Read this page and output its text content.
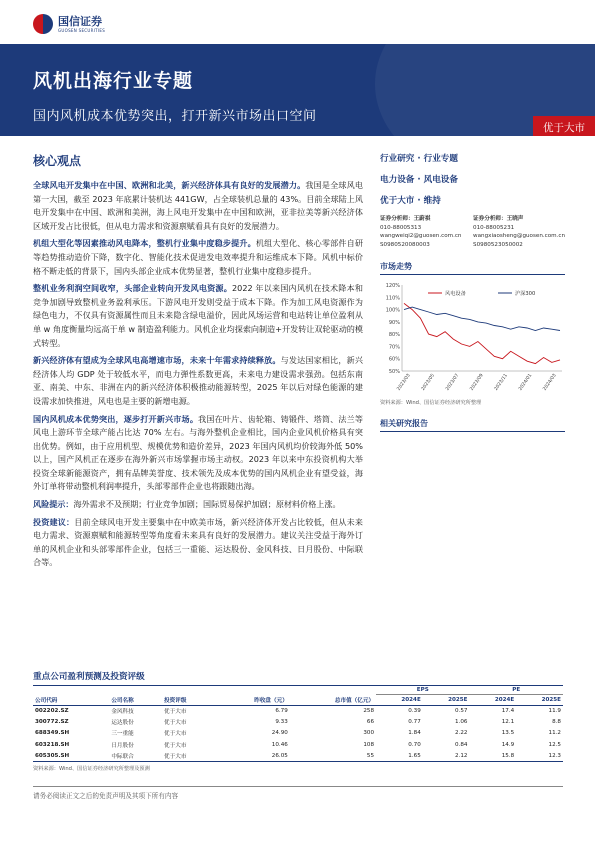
国信证券
GUOSEN SECURITIES
风机出海行业专题
国内风机成本优势突出，打开新兴市场出口空间
优于大市
核心观点
全球风电开发集中在中国、欧洲和北美，新兴经济体具有良好的发展潜力。我国是全球风电第一大国，截至 2023 年底累计装机达 441GW，占全球装机总量的 43%。目前全球陆上风电开发集中在中国、欧洲和美洲，海上风电开发集中在中国和欧洲，亚非拉美等新兴经济体区域开发占比很低，但从电力需求和资源禀赋看具有良好的发展潜力。
机组大型化等因素推动风电降本，整机行业集中度稳步提升。机组大型化、核心零部件自研等趋势推动造价下降，数字化、智能化技术促进发电效率提升和运维成本下降。风机中标价格不断走低的背景下，国内头部企业成本优势显著，整机行业集中度稳步提升。
整机业务利润空间收窄，头部企业转向开发风电资源。2022 年以来国内风机在技术降本和竞争加剧导致整机业务盈利承压。下游风电开发则受益于成本下降。作为加工风电资源作为绿色电力，不仅具有资源属性而且未来隐含绿电溢价，因此风场运营和电站转让单位盈利从单 w 角度衡量均远高于单 w 制造盈利能力。风机企业均探索向制造+开发转让双轮驱动的模式转型。
新兴经济体有望成为全球风电高增速市场，未来十年需求持续释放。与发达国家相比，新兴经济体人均 GDP 处于较低水平，而电力弹性系数更高，未来电力建设需求强劲。包括东南亚、南美、中东、非洲在内的新兴经济体积极推动能源转型，2025 年以后对绿色能源的建设需求加快推进，风电也是主要的新增电源。
国内风机成本优势突出，逐步打开新兴市场。我国在叶片、齿轮箱、铸锻件、塔筒、法兰等风电上游环节全球产能占比达 70% 左右。与海外整机企业相比，国内企业风机价格具有突出优势。例如，由于应用机型、规模优势和造价差异，2023 年国内风机均价较海外低 50%以上，国产风机正在逐步在海外新兴市场掌握市场主动权。2023 年以来中东投资机构大举投资全球新能源资产，拥有品牌美誉度、技术领先及成本优势的国内风机企业有望受益，海外订单将带动整机利润率提升，头部零部件企业也将跟随出海。
风险提示：海外需求不及预期；行业竞争加剧；国际贸易保护加剧；原材料价格上涨。
投资建议：目前全球风电开发主要集中在中欧美市场，新兴经济体开发占比较低，但从未来电力需求、资源禀赋和能源转型等角度看未来具有良好的发展潜力。建议关注受益于海外订单的风机企业和头部零部件企业，包括三一重能、运达股份、金风科技、日月股份、中际联合等。
行业研究 · 行业专题
电力设备 · 风电设备
优于大市 · 维持
证券分析师：王蔚祺
010-88005313
wangweiqi2@guosen.com.cn
S0980520080003
证券分析师：王晓声
010-88005231
wangxiaosheng@guosen.com.cn
S0980523050002
市场走势
120%
110%
100%
90%
80%
70%
60%
50%
2023/03 2023/05 2023/07 2023/09 2023/11 2024/01 2024/03
风电设备	沪深300
资料来源：Wind、国信证券经济研究所整理
相关研究报告
重点公司盈利预测及投资评级
					EPS		PE	
公司代码	公司名称	投资评级	昨收盘（元）	总市值（亿元）	2024E	2025E	2024E	2025E
002202.SZ	金风科技	优于大市	6.79	258	0.39	0.57	17.4	11.9
300772.SZ	运达股份	优于大市	9.33	66	0.77	1.06	12.1	8.8
688349.SH	三一重能	优于大市	24.90	300	1.84	2.22	13.5	11.2
603218.SH	日月股份	优于大市	10.46	108	0.70	0.84	14.9	12.5
605305.SH	中际联合	优于大市	26.05	55	1.65	2.12	15.8	12.3
资料来源：Wind、国信证券经济研究所整理及预测
请务必阅读正文之后的免责声明及其项下所有内容
